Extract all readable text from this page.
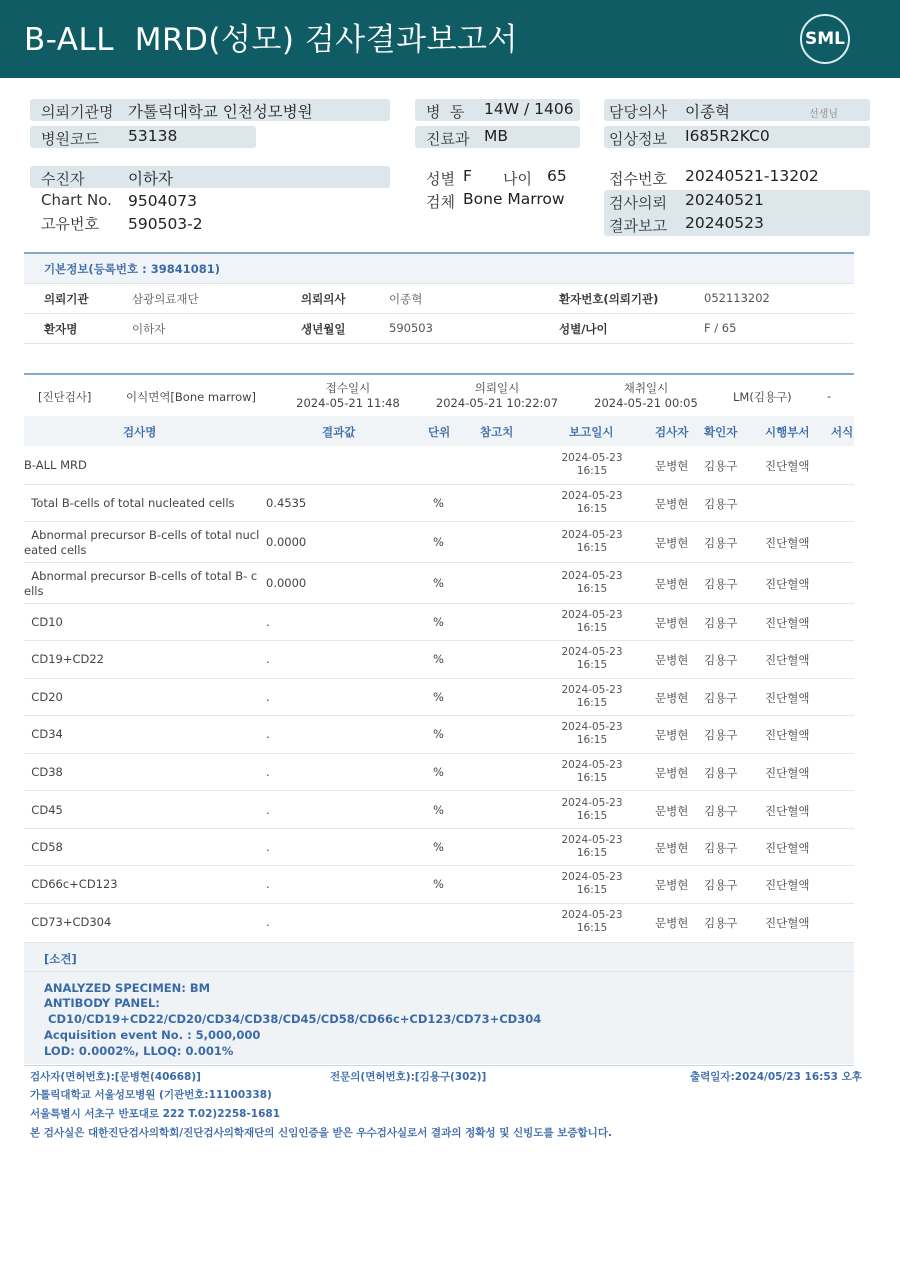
B-ALL  MRD(성모) 검사결과보고서	SML
의뢰기관명 가톨릭대학교 인천성모병원
병원코드 53138
수진자	이하자
Chart No. 9504073
고유번호 590503-2
병  동 14W / 1406
진료과 MB
성별 F 나이 65
검체 Bone Marrow
담당의사 이종혁	선생님
임상정보 I685R2KC0
접수번호 20240521-13202
검사의뢰 20240521
결과보고 20240523
기본정보(등록번호 : 39841081)
의뢰기관	삼광의료재단	의뢰의사	이종혁	환자번호(의뢰기관)	052113202
환자명	이하자	생년월일	590503	성별/나이	F / 65
[진단검사]	이식면역[Bone marrow]
접수일시
2024-05-21 11:48
의뢰일시
2024-05-21 10:22:07
채취일시
2024-05-21 00:05	LM(김용구)	-
검사명	결과값	단위	참고치	보고일시	검사자 확인자 시행부서 서식
B-ALL MRD	2024-05-23
16:15	문병현 김용구 진단혈액
Total B-cells of total nucleated cells	0.4535	%	2024-05-23
16:15	문병현 김용구
Abnormal precursor B-cells of total nucl
eated cells
0.0000	%	2024-05-23
16:15	문병현 김용구 진단혈액
Abnormal precursor B-cells of total B- c
ells
0.0000	%	2024-05-23
16:15	문병현 김용구 진단혈액
CD10	.	%	2024-05-23
16:15	문병현 김용구 진단혈액
CD19+CD22	.	%	2024-05-23
16:15	문병현 김용구 진단혈액
CD20	.	%	2024-05-23
16:15	문병현 김용구 진단혈액
CD34	.	%	2024-05-23
16:15	문병현 김용구 진단혈액
CD38	.	%	2024-05-23
16:15	문병현 김용구 진단혈액
CD45	.	%	2024-05-23
16:15	문병현 김용구 진단혈액
CD58	.	%	2024-05-23
16:15	문병현 김용구 진단혈액
CD66c+CD123	.	%	2024-05-23
16:15	문병현 김용구 진단혈액
CD73+CD304	.	2024-05-23
16:15	문병현 김용구 진단혈액
[소견]
ANALYZED SPECIMEN: BM
ANTIBODY PANEL:
CD10/CD19+CD22/CD20/CD34/CD38/CD45/CD58/CD66c+CD123/CD73+CD304
Acquisition event No. : 5,000,000
LOD: 0.0002%, LLOQ: 0.001%
검사자(면허번호):[문병현(40668)]	전문의(면허번호):[김용구(302)]	출력일자:2024/05/23 16:53 오후
가톨릭대학교 서울성모병원 (기관번호:11100338)
서울특별시 서초구 반포대로 222 T.02)2258-1681
본 검사실은 대한진단검사의학회/진단검사의학재단의 신임인증을 받은 우수검사실로서 결과의 정확성 및 신빙도를 보증합니다.
